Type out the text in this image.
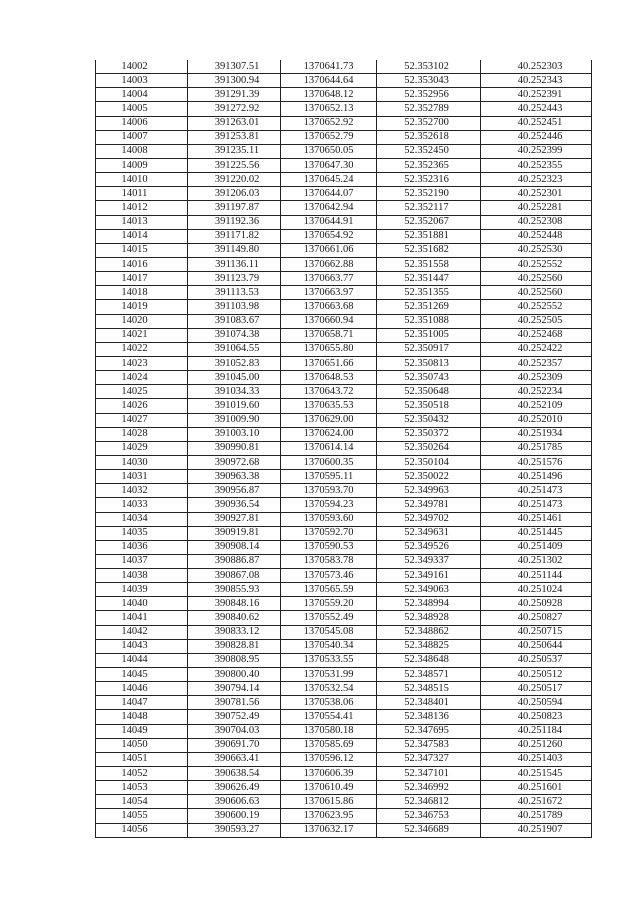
14002	391307.51	1370641.73	52.353102	40.252303
14003	391300.94	1370644.64	52.353043	40.252343
14004	391291.39	1370648.12	52.352956	40.252391
14005	391272.92	1370652.13	52.352789	40.252443
14006	391263.01	1370652.92	52.352700	40.252451
14007	391253.81	1370652.79	52.352618	40.252446
14008	391235.11	1370650.05	52.352450	40.252399
14009	391225.56	1370647.30	52.352365	40.252355
14010	391220.02	1370645.24	52.352316	40.252323
14011	391206.03	1370644.07	52.352190	40.252301
14012	391197.87	1370642.94	52.352117	40.252281
14013	391192.36	1370644.91	52.352067	40.252308
14014	391171.82	1370654.92	52.351881	40.252448
14015	391149.80	1370661.06	52.351682	40.252530
14016	391136.11	1370662.88	52.351558	40.252552
14017	391123.79	1370663.77	52.351447	40.252560
14018	391113.53	1370663.97	52.351355	40.252560
14019	391103.98	1370663.68	52.351269	40.252552
14020	391083.67	1370660.94	52.351088	40.252505
14021	391074.38	1370658.71	52.351005	40.252468
14022	391064.55	1370655.80	52.350917	40.252422
14023	391052.83	1370651.66	52.350813	40.252357
14024	391045.00	1370648.53	52.350743	40.252309
14025	391034.33	1370643.72	52.350648	40.252234
14026	391019.60	1370635.53	52.350518	40.252109
14027	391009.90	1370629.00	52.350432	40.252010
14028	391003.10	1370624.00	52.350372	40.251934
14029	390990.81	1370614.14	52.350264	40.251785
14030	390972.68	1370600.35	52.350104	40.251576
14031	390963.38	1370595.11	52.350022	40.251496
14032	390956.87	1370593.70	52.349963	40.251473
14033	390936.54	1370594.23	52.349781	40.251473
14034	390927.81	1370593.60	52.349702	40.251461
14035	390919.81	1370592.70	52.349631	40.251445
14036	390908.14	1370590.53	52.349526	40.251409
14037	390886.87	1370583.78	52.349337	40.251302
14038	390867.08	1370573.46	52.349161	40.251144
14039	390855.93	1370565.59	52.349063	40.251024
14040	390848.16	1370559.20	52.348994	40.250928
14041	390840.62	1370552.49	52.348928	40.250827
14042	390833.12	1370545.08	52.348862	40.250715
14043	390828.81	1370540.34	52.348825	40.250644
14044	390808.95	1370533.55	52.348648	40.250537
14045	390800.40	1370531.99	52.348571	40.250512
14046	390794.14	1370532.54	52.348515	40.250517
14047	390781.56	1370538.06	52.348401	40.250594
14048	390752.49	1370554.41	52.348136	40.250823
14049	390704.03	1370580.18	52.347695	40.251184
14050	390691.70	1370585.69	52.347583	40.251260
14051	390663.41	1370596.12	52.347327	40.251403
14052	390638.54	1370606.39	52.347101	40.251545
14053	390626.49	1370610.49	52.346992	40.251601
14054	390606.63	1370615.86	52.346812	40.251672
14055	390600.19	1370623.95	52.346753	40.251789
14056	390593.27	1370632.17	52.346689	40.251907
